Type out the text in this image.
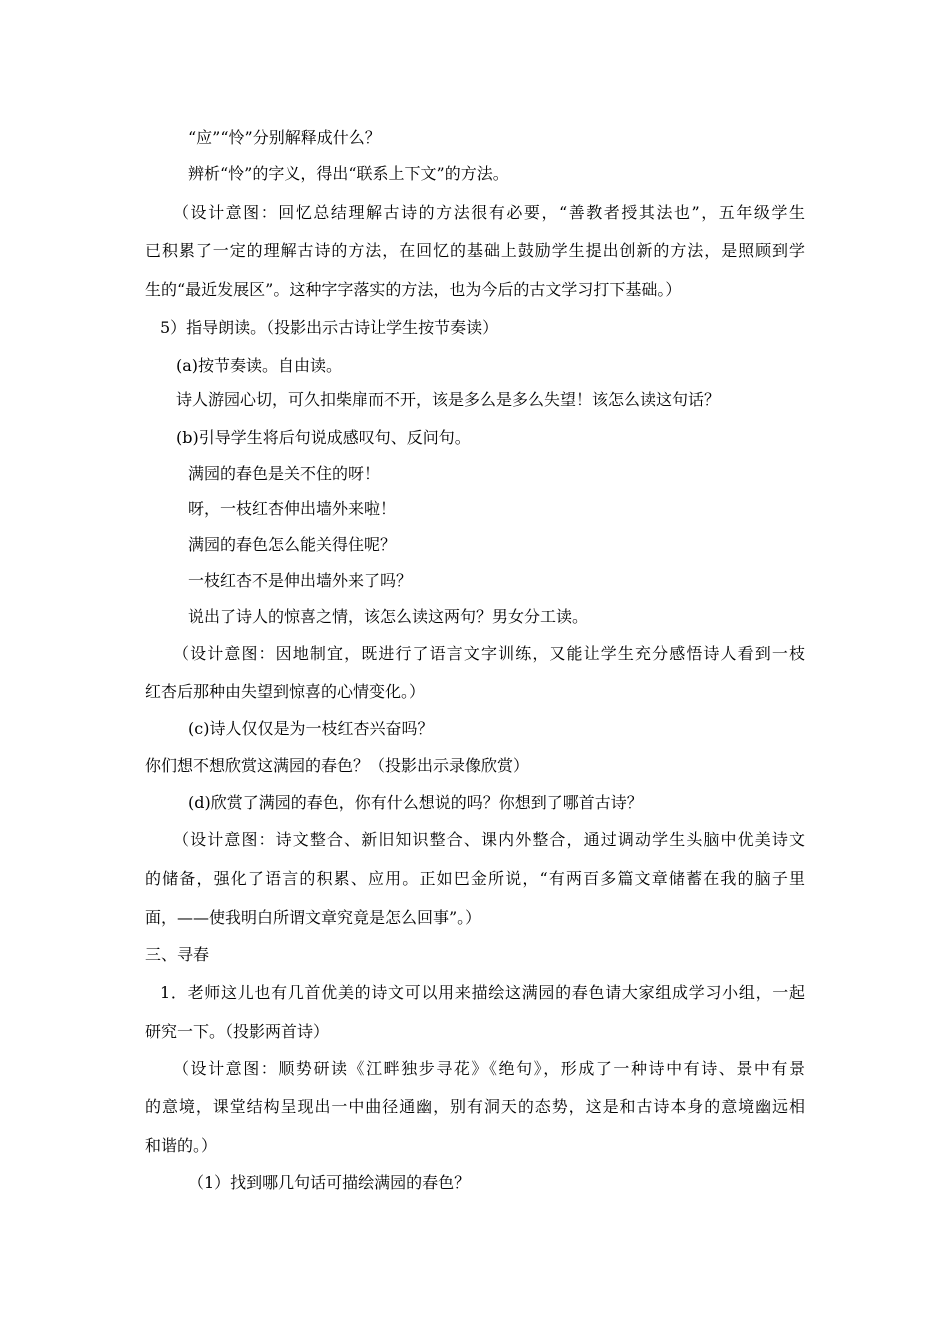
“应”“怜”分别解释成什么？
辨析“怜”的字义，得出“联系上下文”的方法。
（设计意图：回忆总结理解古诗的方法很有必要，“善教者授其法也”，五年级学生
已积累了一定的理解古诗的方法，在回忆的基础上鼓励学生提出创新的方法，是照顾到学
生的“最近发展区”。这种字字落实的方法，也为今后的古文学习打下基础。）
5）指导朗读。（投影出示古诗让学生按节奏读）
(a)按节奏读。自由读。
诗人游园心切，可久扣柴扉而不开，该是多么是多么失望！该怎么读这句话？
(b)引导学生将后句说成感叹句、反问句。
满园的春色是关不住的呀！
呀，一枝红杏伸出墙外来啦！
满园的春色怎么能关得住呢？
一枝红杏不是伸出墙外来了吗？
说出了诗人的惊喜之情，该怎么读这两句？男女分工读。
（设计意图：因地制宜，既进行了语言文字训练，又能让学生充分感悟诗人看到一枝
红杏后那种由失望到惊喜的心情变化。）
(c)诗人仅仅是为一枝红杏兴奋吗？
你们想不想欣赏这满园的春色？（投影出示录像欣赏）
(d)欣赏了满园的春色，你有什么想说的吗？你想到了哪首古诗？
（设计意图：诗文整合、新旧知识整合、课内外整合，通过调动学生头脑中优美诗文
的储备，强化了语言的积累、应用。正如巴金所说，“有两百多篇文章储蓄在我的脑子里
面，——使我明白所谓文章究竟是怎么回事”。）
三、寻春
1．老师这儿也有几首优美的诗文可以用来描绘这满园的春色请大家组成学习小组，一起
研究一下。（投影两首诗）
（设计意图：顺势研读《江畔独步寻花》《绝句》，形成了一种诗中有诗、景中有景
的意境，课堂结构呈现出一中曲径通幽，别有洞天的态势，这是和古诗本身的意境幽远相
和谐的。）
（1）找到哪几句话可描绘满园的春色？
